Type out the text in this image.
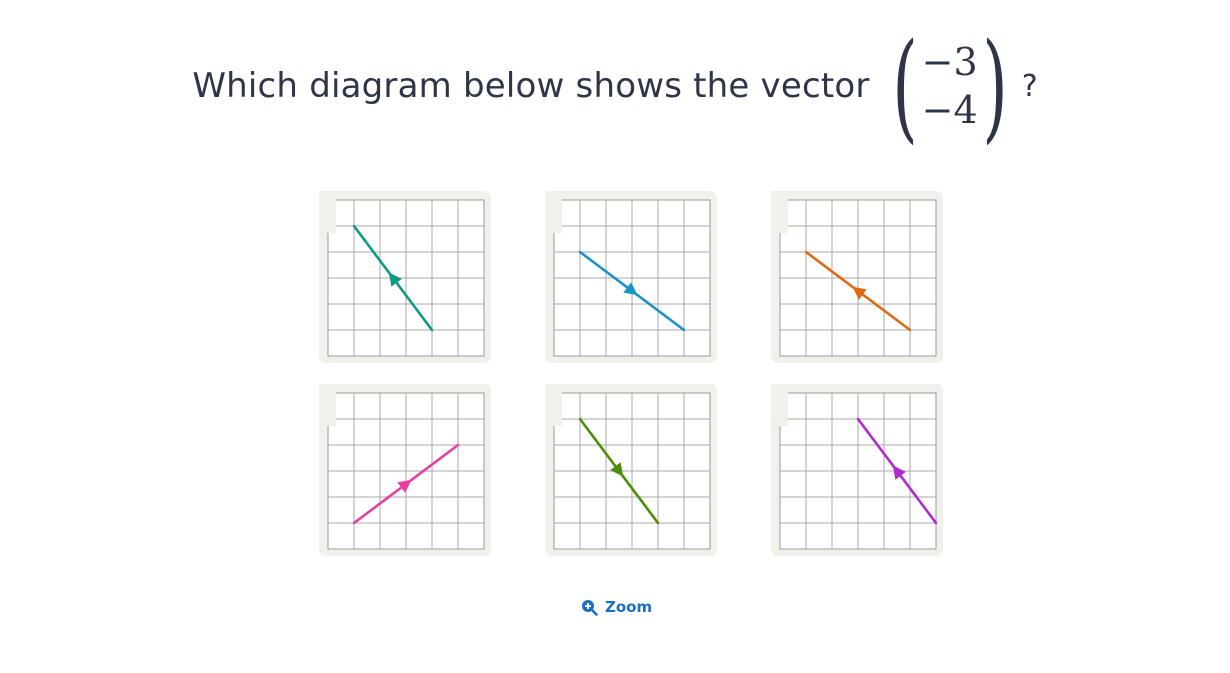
Which diagram below shows the vector ( −3
−4 ) ?
Zoom
